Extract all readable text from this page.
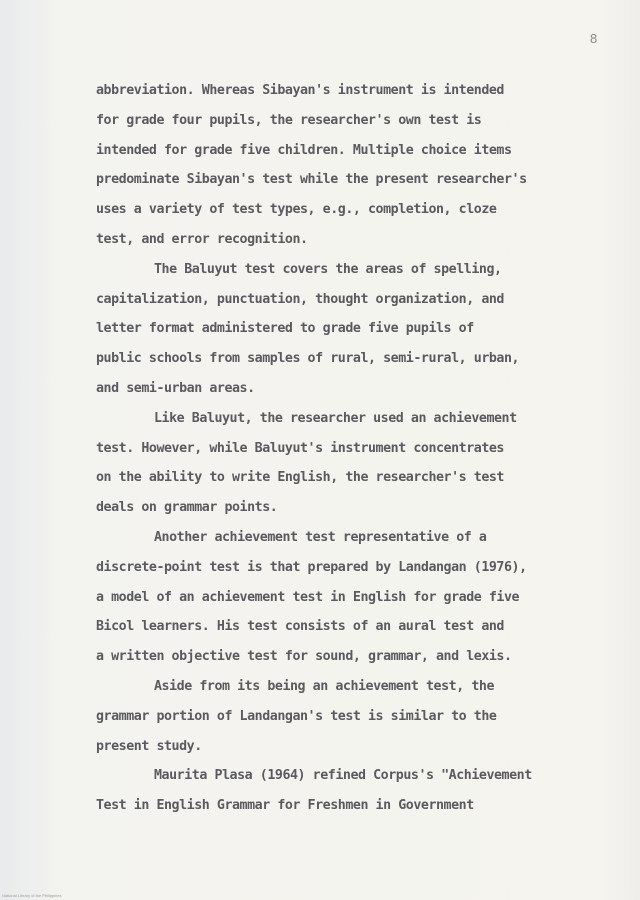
8
abbreviation. Whereas Sibayan's instrument is intended
for grade four pupils, the researcher's own test is
intended for grade five children. Multiple choice items
predominate Sibayan's test while the present researcher's
uses a variety of test types, e.g., completion, cloze
test, and error recognition.
The Baluyut test covers the areas of spelling,
capitalization, punctuation, thought organization, and
letter format administered to grade five pupils of
public schools from samples of rural, semi-rural, urban,
and semi-urban areas.
Like Baluyut, the researcher used an achievement
test. However, while Baluyut's instrument concentrates
on the ability to write English, the researcher's test
deals on grammar points.
Another achievement test representative of a
discrete-point test is that prepared by Landangan (1976),
a model of an achievement test in English for grade five
Bicol learners. His test consists of an aural test and
a written objective test for sound, grammar, and lexis.
Aside from its being an achievement test, the
grammar portion of Landangan's test is similar to the
present study.
Maurita Plasa (1964) refined Corpus's "Achievement
Test in English Grammar for Freshmen in Government
National Library of the Philippines
